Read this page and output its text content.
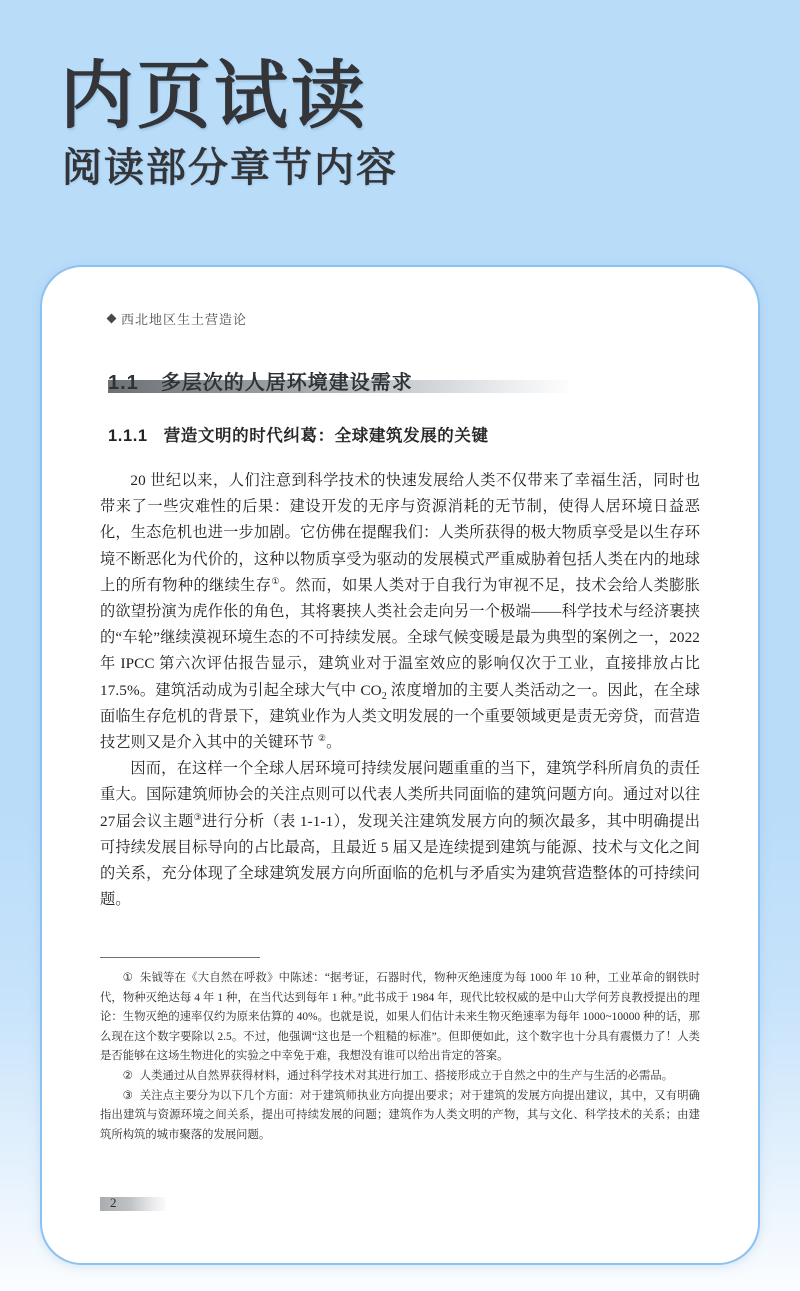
内页试读
阅读部分章节内容
西北地区生土营造论
1.1 多层次的人居环境建设需求
1.1.1 营造文明的时代纠葛：全球建筑发展的关键

20 世纪以来，人们注意到科学技术的快速发展给人类不仅带来了幸福生活，同时也带来了一些灾难性的后果：建设开发的无序与资源消耗的无节制，使得人居环境日益恶化，生态危机也进一步加剧。它仿佛在提醒我们：人类所获得的极大物质享受是以生存环境不断恶化为代价的，这种以物质享受为驱动的发展模式严重威胁着包括人类在内的地球上的所有物种的继续生存①。然而，如果人类对于自我行为审视不足，技术会给人类膨胀的欲望扮演为虎作伥的角色，其将裹挟人类社会走向另一个极端——科学技术与经济裹挟的“车轮”继续漠视环境生态的不可持续发展。全球气候变暖是最为典型的案例之一，2022 年 IPCC 第六次评估报告显示，建筑业对于温室效应的影响仅次于工业，直接排放占比 17.5%。建筑活动成为引起全球大气中 $CO_2$ 浓度增加的主要人类活动之一。因此，在全球面临生存危机的背景下，建筑业作为人类文明发展的一个重要领域更是责无旁贷，而营造技艺则又是介入其中的关键环节 ②。

因而，在这样一个全球人居环境可持续发展问题重重的当下，建筑学科所肩负的责任重大。国际建筑师协会的关注点则可以代表人类所共同面临的建筑问题方向。通过对以往27届会议主题③进行分析（表 1-1-1），发现关注建筑发展方向的频次最多，其中明确提出可持续发展目标导向的占比最高，且最近 5 届又是连续提到建筑与能源、技术与文化之间的关系，充分体现了全球建筑发展方向所面临的危机与矛盾实为建筑营造整体的可持续问题。

① 朱钺等在《大自然在呼救》中陈述：“据考证，石器时代，物种灭绝速度为每 1000 年 10 种，工业革命的钢铁时代，物种灭绝达每 4 年 1 种，在当代达到每年 1 种。”此书成于 1984 年，现代比较权威的是中山大学何芳良教授提出的理论：生物灭绝的速率仅约为原来估算的 40%。也就是说，如果人们估计未来生物灭绝速率为每年 1000~10000 种的话，那么现在这个数字要除以 2.5。不过，他强调“这也是一个粗糙的标准”。但即便如此，这个数字也十分具有震慑力了！人类是否能够在这场生物进化的实验之中幸免于难，我想没有谁可以给出肯定的答案。

② 人类通过从自然界获得材料，通过科学技术对其进行加工、搭接形成立于自然之中的生产与生活的必需品。

③ 关注点主要分为以下几个方面：对于建筑师执业方向提出要求；对于建筑的发展方向提出建议，其中，又有明确指出建筑与资源环境之间关系，提出可持续发展的问题；建筑作为人类文明的产物，其与文化、科学技术的关系；由建筑所构筑的城市聚落的发展问题。

2
